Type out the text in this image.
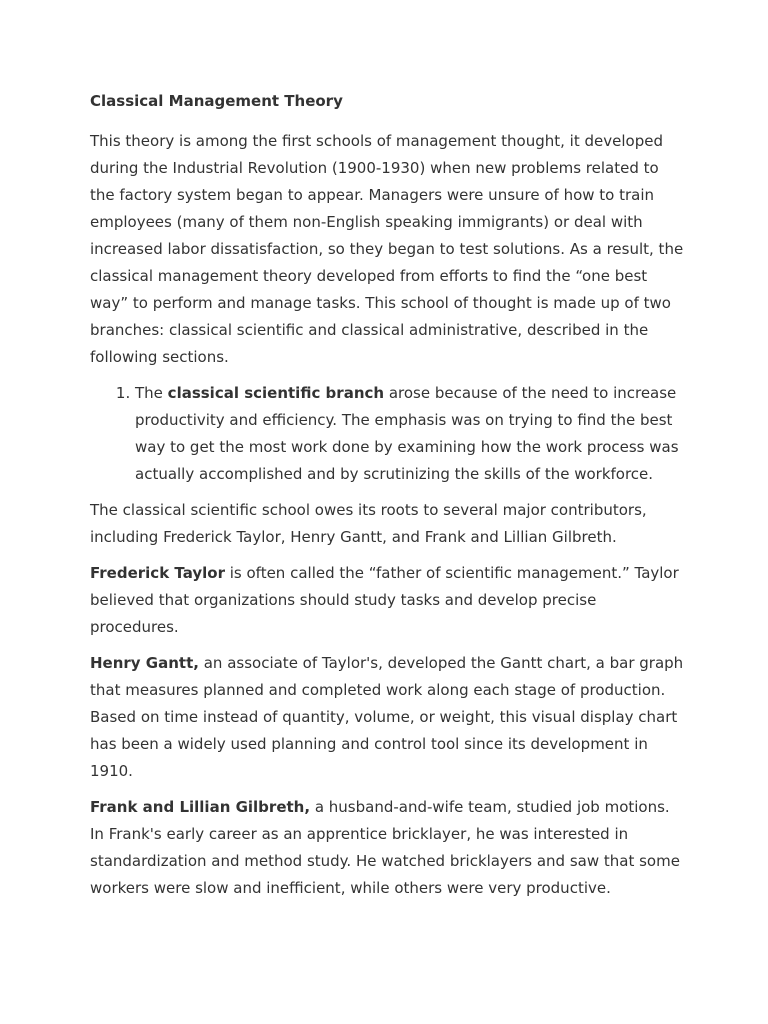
Classical Management Theory

This theory is among the first schools of management thought, it developed during the Industrial Revolution (1900-1930) when new problems related to the factory system began to appear. Managers were unsure of how to train employees (many of them non-English speaking immigrants) or deal with increased labor dissatisfaction, so they began to test solutions. As a result, the classical management theory developed from efforts to find the “one best way” to perform and manage tasks. This school of thought is made up of two branches: classical scientific and classical administrative, described in the following sections.

1. The classical scientific branch arose because of the need to increase productivity and efficiency. The emphasis was on trying to find the best way to get the most work done by examining how the work process was actually accomplished and by scrutinizing the skills of the workforce.

The classical scientific school owes its roots to several major contributors, including Frederick Taylor, Henry Gantt, and Frank and Lillian Gilbreth.

Frederick Taylor is often called the “father of scientific management.” Taylor believed that organizations should study tasks and develop precise procedures.

Henry Gantt, an associate of Taylor's, developed the Gantt chart, a bar graph that measures planned and completed work along each stage of production. Based on time instead of quantity, volume, or weight, this visual display chart has been a widely used planning and control tool since its development in 1910.

Frank and Lillian Gilbreth, a husband-and-wife team, studied job motions. In Frank's early career as an apprentice bricklayer, he was interested in standardization and method study. He watched bricklayers and saw that some workers were slow and inefficient, while others were very productive.
